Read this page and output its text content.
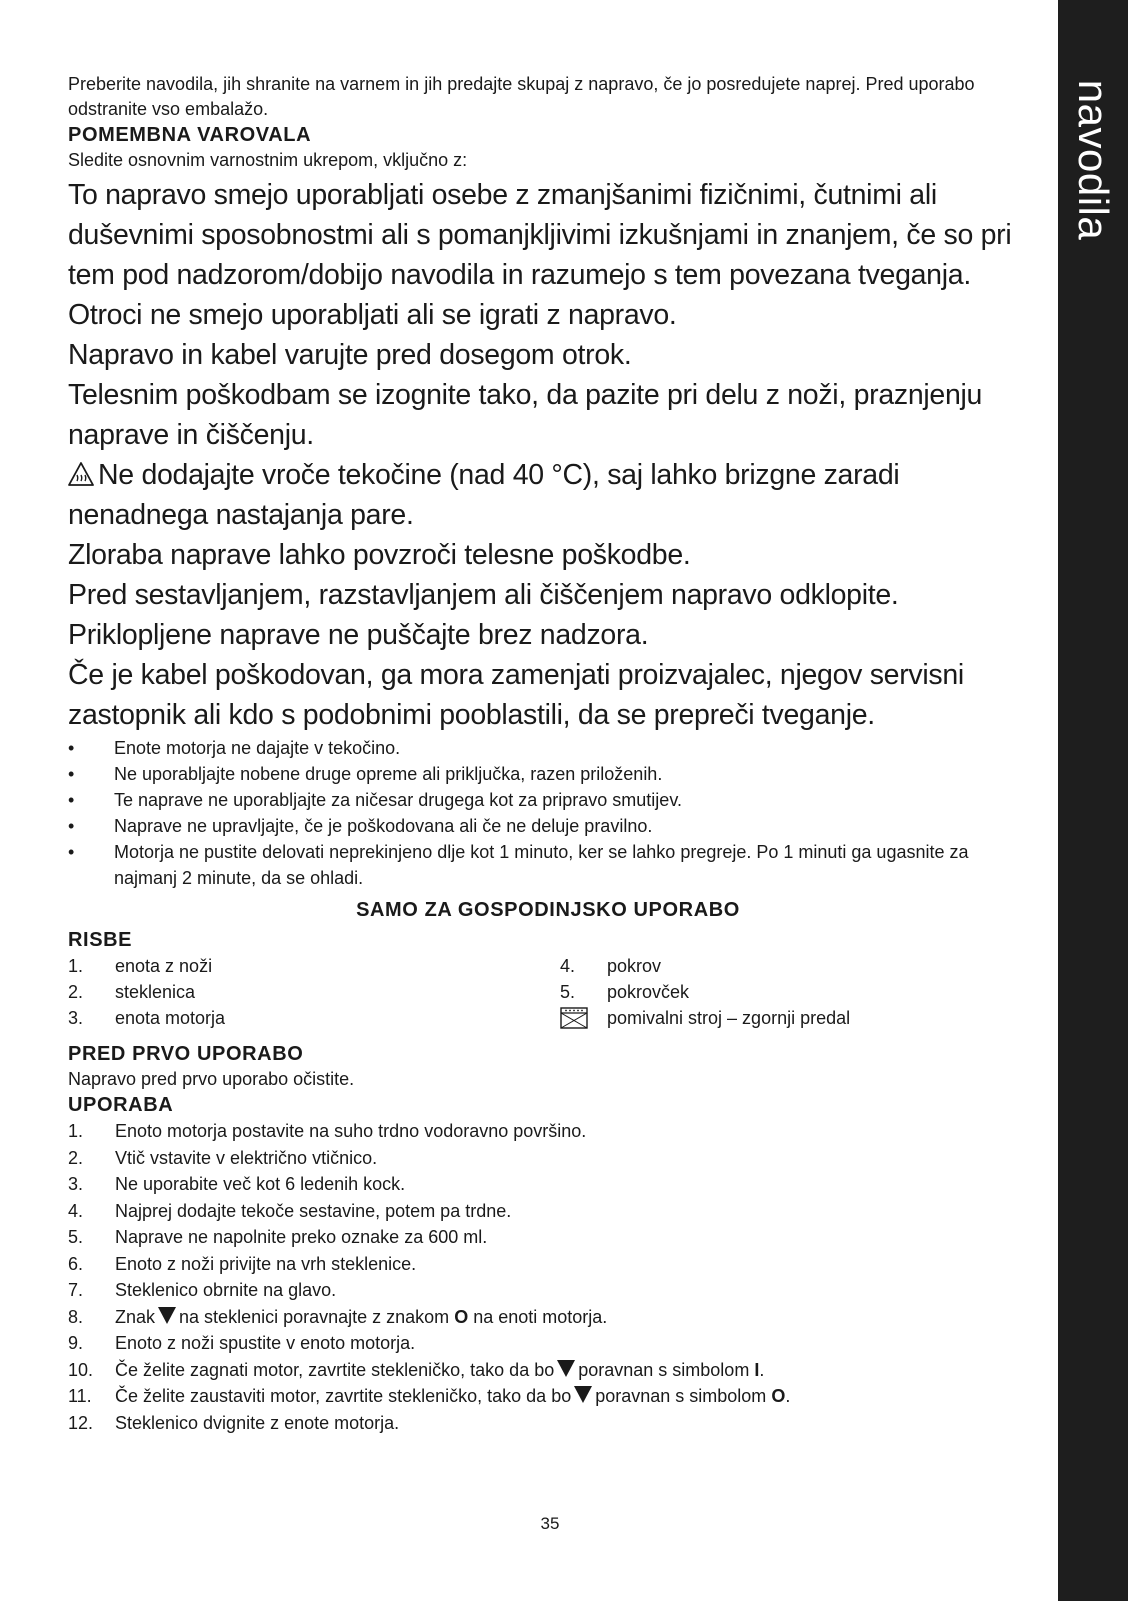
navodila

Preberite navodila, jih shranite na varnem in jih predajte skupaj z napravo, če jo posredujete naprej. Pred uporabo odstranite vso embalažo.

POMEMBNA VAROVALA

Sledite osnovnim varnostnim ukrepom, vključno z:

To napravo smejo uporabljati osebe z zmanjšanimi fizičnimi, čutnimi ali duševnimi sposobnostmi ali s pomanjkljivimi izkušnjami in znanjem, če so pri tem pod nadzorom/dobijo navodila in razumejo s tem povezana tveganja.
Otroci ne smejo uporabljati ali se igrati z napravo.
Napravo in kabel varujte pred dosegom otrok.
Telesnim poškodbam se izognite tako, da pazite pri delu z noži, praznjenju naprave in čiščenju.
Ne dodajajte vroče tekočine (nad 40 °C), saj lahko brizgne zaradi nenadnega nastajanja pare.
Zloraba naprave lahko povzroči telesne poškodbe.
Pred sestavljanjem, razstavljanjem ali čiščenjem napravo odklopite.
Priklopljene naprave ne puščajte brez nadzora.
Če je kabel poškodovan, ga mora zamenjati proizvajalec, njegov servisni zastopnik ali kdo s podobnimi pooblastili, da se prepreči tveganje.
• Enote motorja ne dajajte v tekočino.
• Ne uporabljajte nobene druge opreme ali priključka, razen priloženih.
• Te naprave ne uporabljajte za ničesar drugega kot za pripravo smutijev.
• Naprave ne upravljajte, če je poškodovana ali če ne deluje pravilno.
• Motorja ne pustite delovati neprekinjeno dlje kot 1 minuto, ker se lahko pregreje. Po 1 minuti ga ugasnite za najmanj 2 minute, da se ohladi.
SAMO ZA GOSPODINJSKO UPORABO
RISBE
1.	enota z noži
2.	steklenica
3.	enota motorja
4.	pokrov
5.	pokrovček
pomivalni stroj – zgornji predal
PRED PRVO UPORABO

Napravo pred prvo uporabo očistite.

UPORABA
1.	Enoto motorja postavite na suho trdno vodoravno površino.
2.	Vtič vstavite v električno vtičnico.
3.	Ne uporabite več kot 6 ledenih kock.
4.	Najprej dodajte tekoče sestavine, potem pa trdne.
5.	Naprave ne napolnite preko oznake za 600 ml.
6.	Enoto z noži privijte na vrh steklenice.
7.	Steklenico obrnite na glavo.
8.	Znak na steklenici poravnajte z znakom O na enoti motorja.
9.	Enoto z noži spustite v enoto motorja.
10.	Če želite zagnati motor, zavrtite stekleničko, tako da bo poravnan s simbolom I.
11.	Če želite zaustaviti motor, zavrtite stekleničko, tako da bo poravnan s simbolom O.
12.	Steklenico dvignite z enote motorja.
35
